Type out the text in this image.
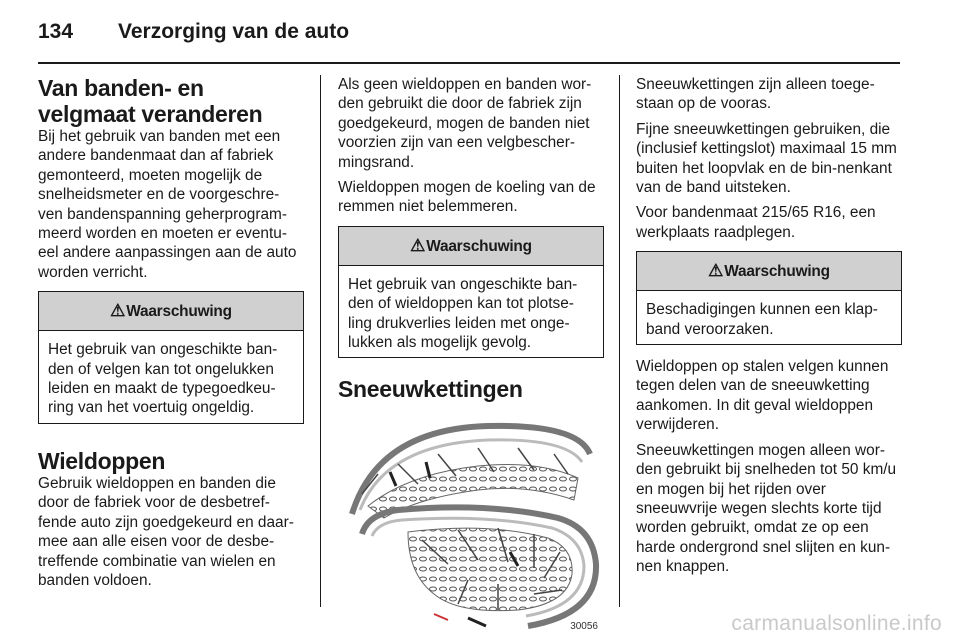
134 Verzorging van de auto
Van banden- en velgmaat veranderen

Bij het gebruik van banden met een andere bandenmaat dan af fabriek gemonteerd, moeten mogelijk de snelheidsmeter en de voorgeschre-ven bandenspanning geherprogram-meerd worden en moeten er eventu-eel andere aanpassingen aan de auto worden verricht.

⚠Waarschuwing

Het gebruik van ongeschikte ban-den of velgen kan tot ongelukken leiden en maakt de typegoedkeu-ring van het voertuig ongeldig.

Wieldoppen

Gebruik wieldoppen en banden die door de fabriek voor de desbetref-fende auto zijn goedgekeurd en daar-mee aan alle eisen voor de desbe-treffende combinatie van wielen en banden voldoen.

Als geen wieldoppen en banden wor-den gebruikt die door de fabriek zijn goedgekeurd, mogen de banden niet voorzien zijn van een velgbescher-mingsrand.

Wieldoppen mogen de koeling van de remmen niet belemmeren.

⚠Waarschuwing

Het gebruik van ongeschikte ban-den of wieldoppen kan tot plotse-ling drukverlies leiden met onge-lukken als mogelijk gevolg.

Sneeuwkettingen
30056

Sneeuwkettingen zijn alleen toege-staan op de vooras.

Fijne sneeuwkettingen gebruiken, die (inclusief kettingslot) maximaal 15 mm buiten het loopvlak en de bin-nenkant van de band uitsteken.

Voor bandenmaat 215/65 R16, een werkplaats raadplegen.

⚠Waarschuwing

Beschadigingen kunnen een klap-band veroorzaken.

Wieldoppen op stalen velgen kunnen tegen delen van de sneeuwketting aankomen. In dit geval wieldoppen verwijderen.

Sneeuwkettingen mogen alleen wor-den gebruikt bij snelheden tot 50 km/u en mogen bij het rijden over sneeuwvrije wegen slechts korte tijd worden gebruikt, omdat ze op een harde ondergrond snel slijten en kun-nen knappen.

carmanualsonline.info
